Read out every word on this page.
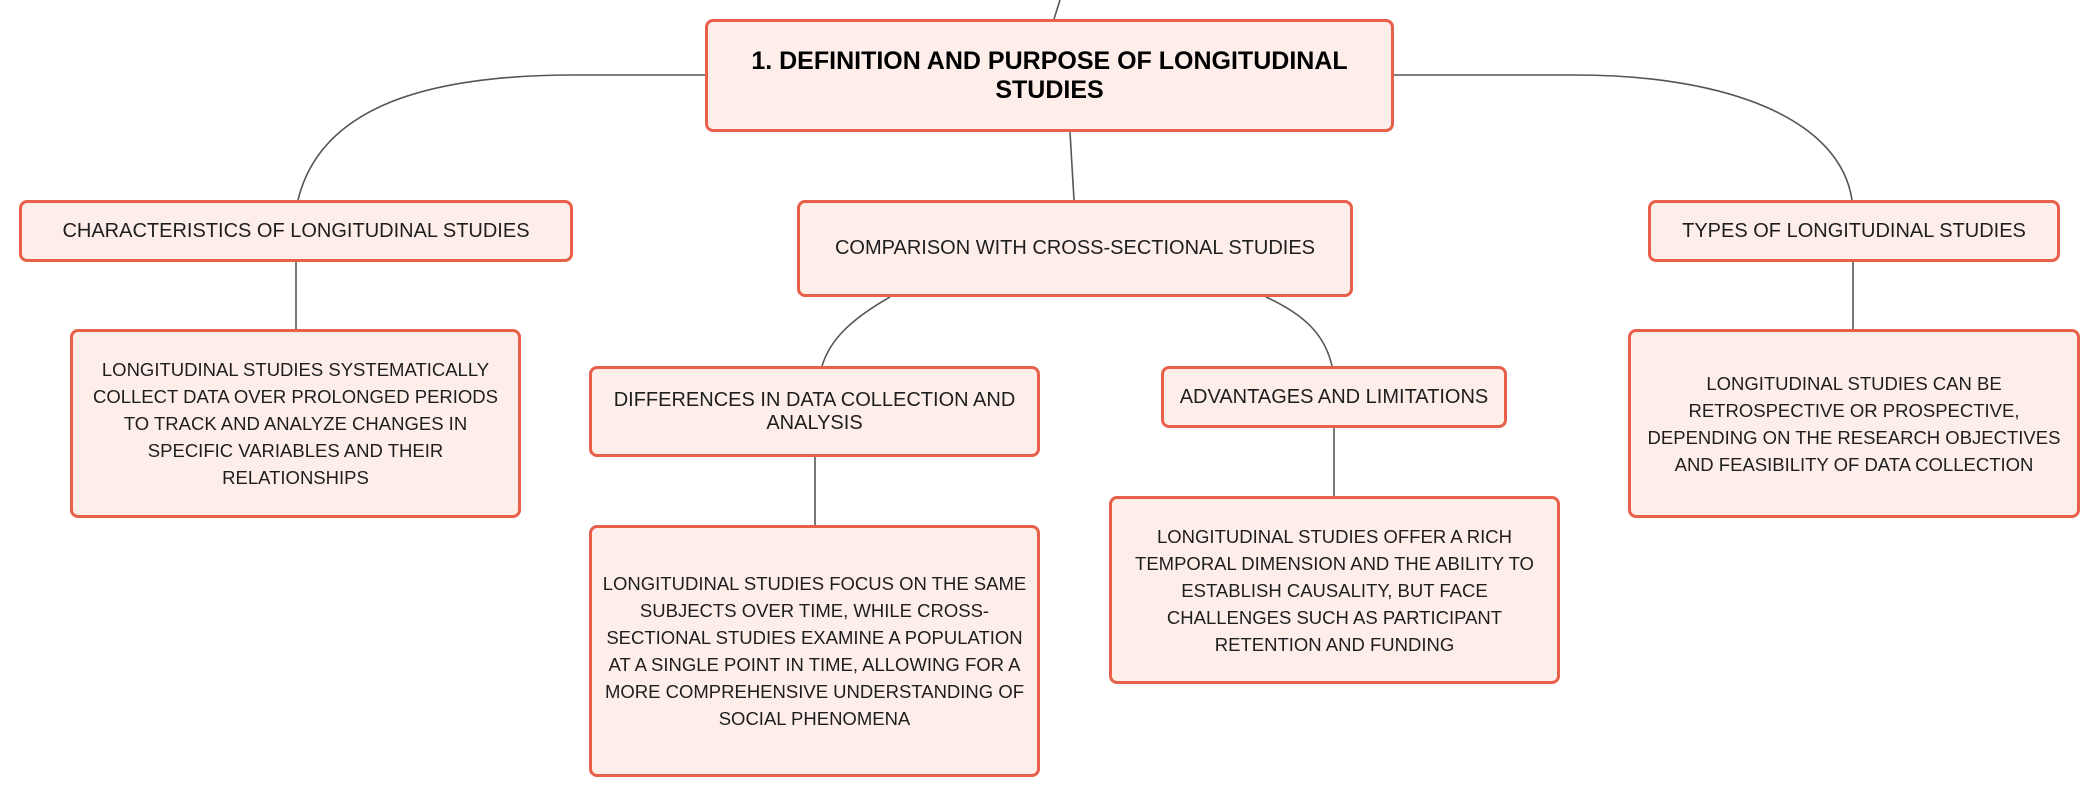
1. DEFINITION AND PURPOSE OF LONGITUDINAL STUDIES
CHARACTERISTICS OF LONGITUDINAL STUDIES
COMPARISON WITH CROSS-SECTIONAL STUDIES
TYPES OF LONGITUDINAL STUDIES
LONGITUDINAL STUDIES SYSTEMATICALLY COLLECT DATA OVER PROLONGED PERIODS TO TRACK AND ANALYZE CHANGES IN SPECIFIC VARIABLES AND THEIR RELATIONSHIPS
DIFFERENCES IN DATA COLLECTION AND ANALYSIS
ADVANTAGES AND LIMITATIONS
LONGITUDINAL STUDIES CAN BE RETROSPECTIVE OR PROSPECTIVE, DEPENDING ON THE RESEARCH OBJECTIVES AND FEASIBILITY OF DATA COLLECTION
LONGITUDINAL STUDIES FOCUS ON THE SAME SUBJECTS OVER TIME, WHILE CROSS-SECTIONAL STUDIES EXAMINE A POPULATION AT A SINGLE POINT IN TIME, ALLOWING FOR A MORE COMPREHENSIVE UNDERSTANDING OF SOCIAL PHENOMENA
LONGITUDINAL STUDIES OFFER A RICH TEMPORAL DIMENSION AND THE ABILITY TO ESTABLISH CAUSALITY, BUT FACE CHALLENGES SUCH AS PARTICIPANT RETENTION AND FUNDING
